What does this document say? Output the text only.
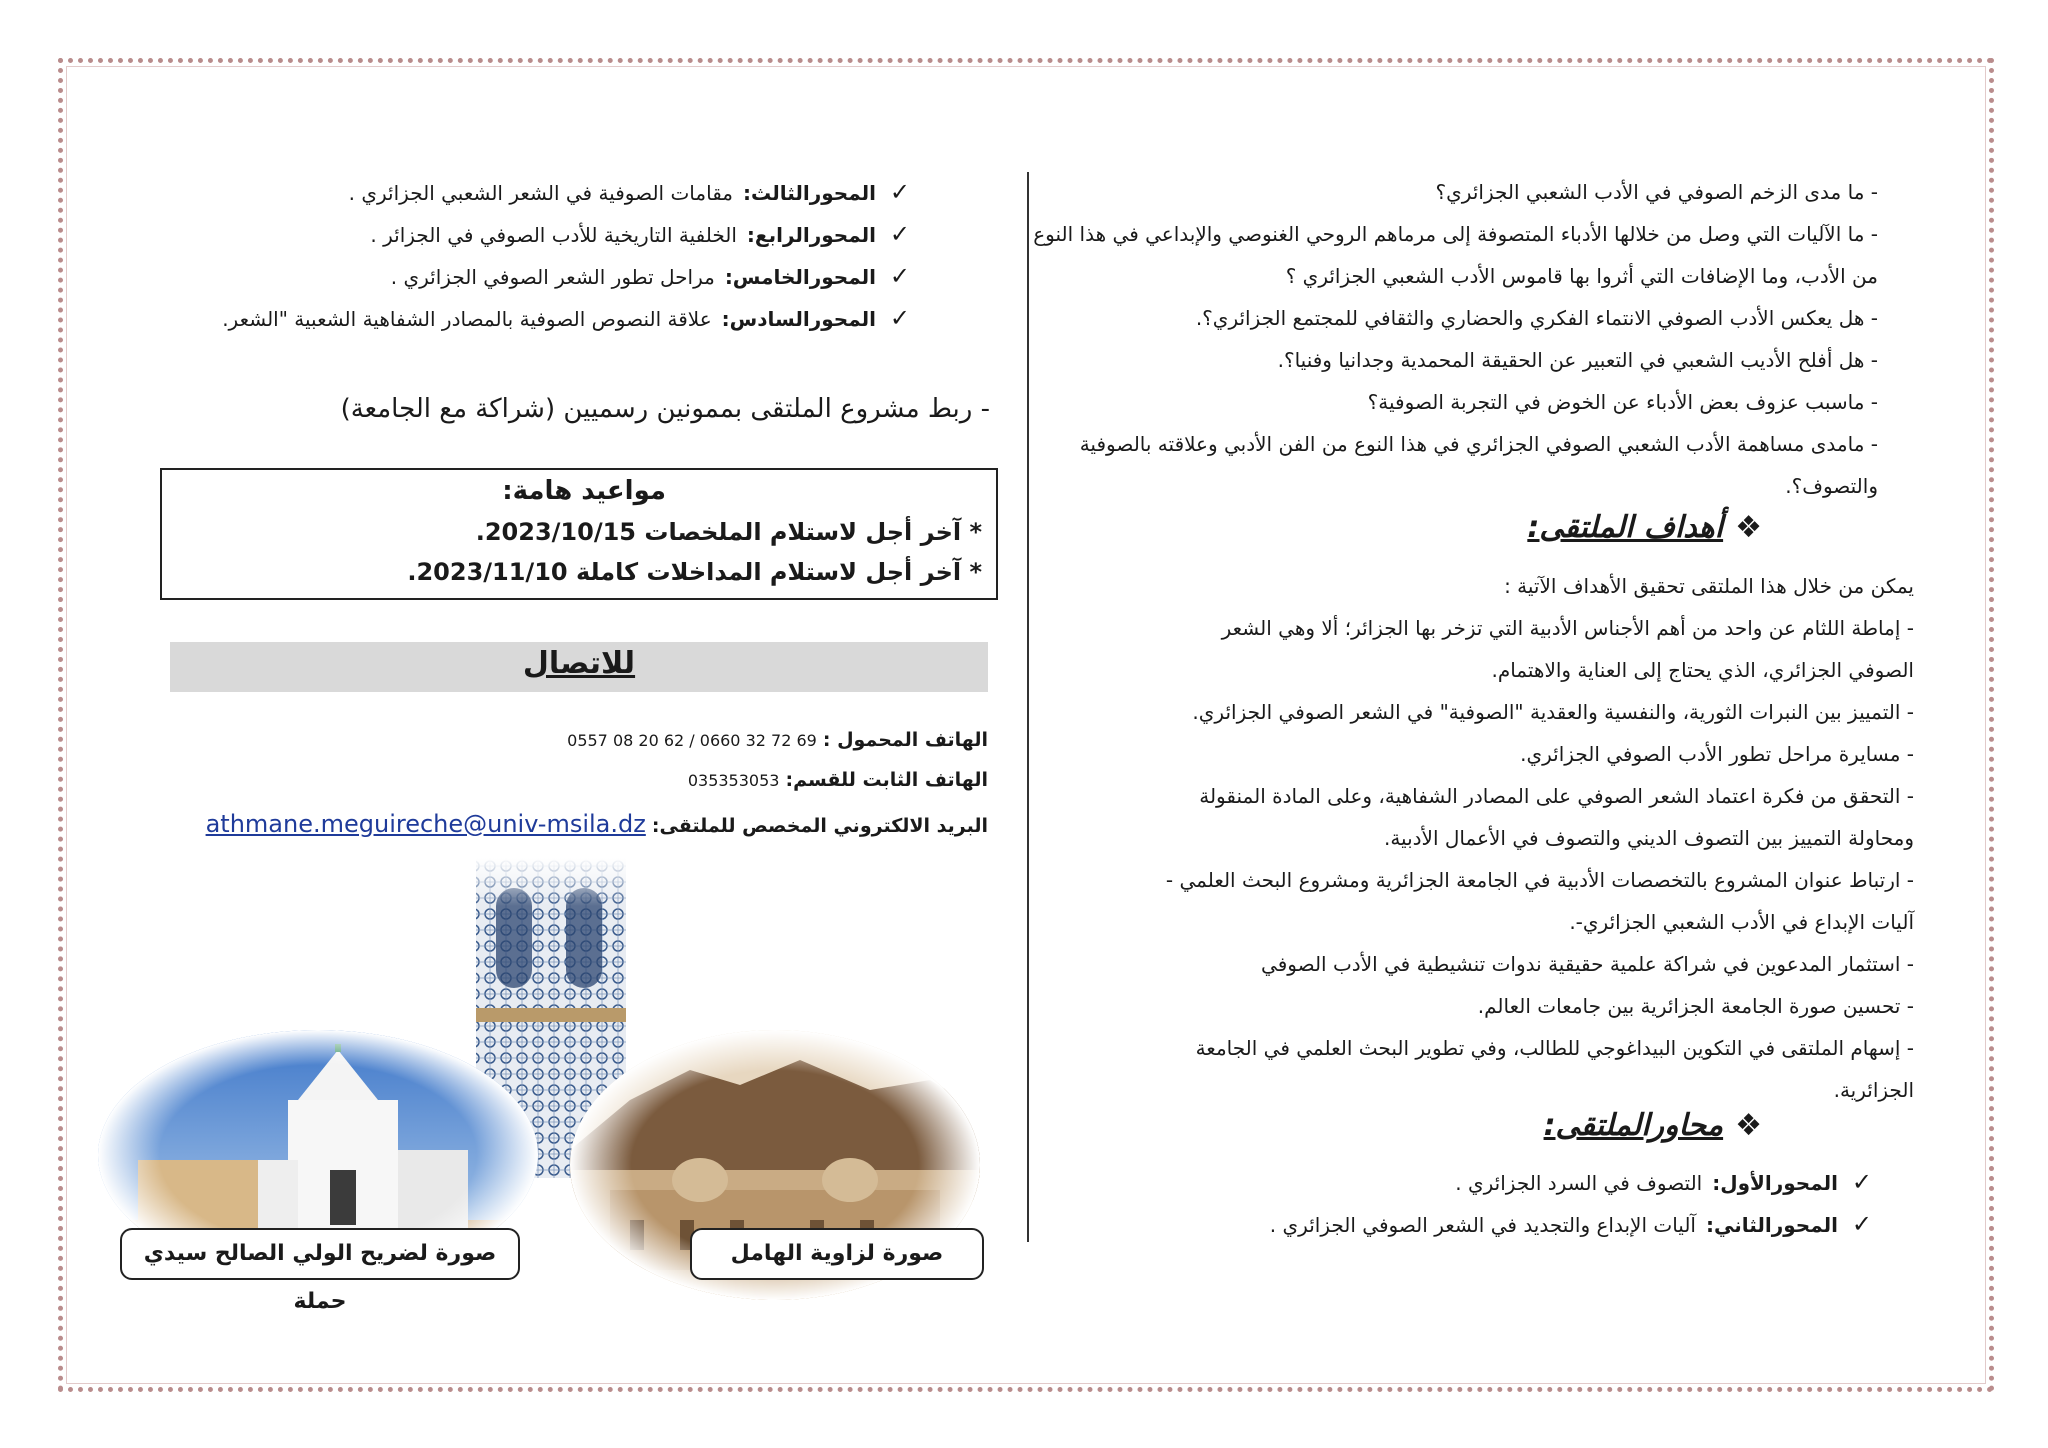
- ما مدى الزخم الصوفي في الأدب الشعبي الجزائري؟
- ما الآليات التي وصل من خلالها الأدباء المتصوفة إلى مرماهم الروحي الغنوصي والإبداعي في هذا النوع
من الأدب، وما الإضافات التي أثروا بها قاموس الأدب الشعبي الجزائري ؟
- هل يعكس الأدب الصوفي الانتماء الفكري والحضاري والثقافي للمجتمع الجزائري؟.
- هل أفلح الأديب الشعبي في التعبير عن الحقيقة المحمدية وجدانيا وفنيا؟.
- ماسبب عزوف بعض الأدباء عن الخوض في التجربة الصوفية؟
- مامدى مساهمة الأدب الشعبي الصوفي الجزائري في هذا النوع من الفن الأدبي وعلاقته بالصوفية
والتصوف؟.
❖أهداف الملتقى:
يمكن من خلال هذا الملتقى تحقيق الأهداف الآتية :
- إماطة اللثام عن واحد من أهم الأجناس الأدبية التي تزخر بها الجزائر؛ ألا وهي الشعر
الصوفي الجزائري، الذي يحتاج إلى العناية والاهتمام.
- التمييز بين النبرات الثورية، والنفسية والعقدية "الصوفية" في الشعر الصوفي الجزائري.
- مسايرة مراحل تطور الأدب الصوفي الجزائري.
- التحقق من فكرة اعتماد الشعر الصوفي على المصادر الشفاهية، وعلى المادة المنقولة
ومحاولة التمييز بين التصوف الديني والتصوف في الأعمال الأدبية.
- ارتباط عنوان المشروع بالتخصصات الأدبية في الجامعة الجزائرية ومشروع البحث العلمي -
آليات الإبداع في الأدب الشعبي الجزائري-.
- استثمار المدعوين في شراكة علمية حقيقية ندوات تنشيطية في الأدب الصوفي
- تحسين صورة الجامعة الجزائرية بين جامعات العالم.
- إسهام الملتقى في التكوين البيداغوجي للطالب، وفي تطوير البحث العلمي في الجامعة
الجزائرية.
❖محاورالملتقى:
✓المحورالأول:التصوف في السرد الجزائري .
✓المحورالثاني:آليات الإبداع والتجديد في الشعر الصوفي الجزائري .
✓المحورالثالث:مقامات الصوفية في الشعر الشعبي الجزائري .
✓المحورالرابع:الخلفية التاريخية للأدب الصوفي في الجزائر .
✓المحورالخامس:مراحل تطور الشعر الصوفي الجزائري .
✓المحورالسادس:علاقة النصوص الصوفية بالمصادر الشفاهية الشعبية "الشعر.
- ربط مشروع الملتقى بممونين رسميين (شراكة مع الجامعة)
مواعيد هامة:
* آخر أجل لاستلام الملخصات 2023/10/15.
* آخر أجل لاستلام المداخلات كاملة 2023/11/10.
للاتصال
الهاتف المحمول : 0557 08 20 62 / 0660 32 72 69
الهاتف الثابت للقسم: 035353053
البريد الالكتروني المخصص للملتقى: athmane.meguireche@univ-msila.dz
صورة لضريح الولي الصالح سيدي حملة
صورة لزاوية الهامل
